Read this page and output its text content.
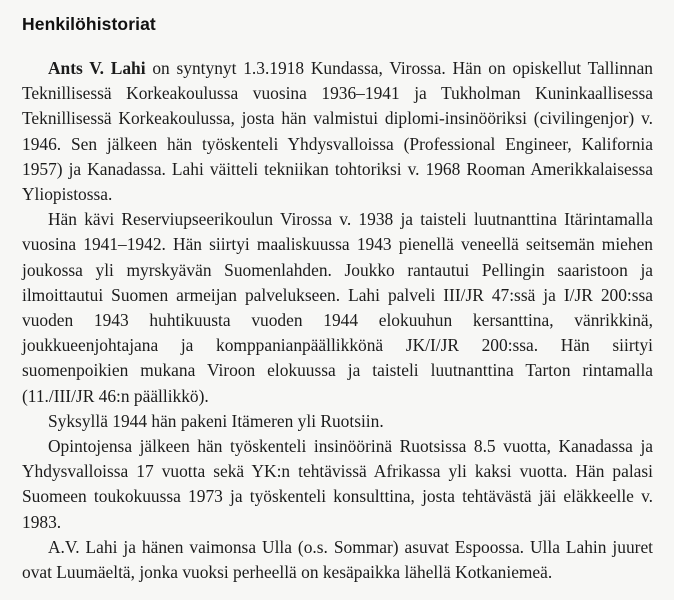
Henkilöhistoriat

Ants V. Lahi on syntynyt 1.3.1918 Kundassa, Virossa. Hän on opiskellut Tallinnan Teknillisessä Korkeakoulussa vuosina 1936–1941 ja Tukholman Kuninkaallisessa Teknillisessä Korkeakoulussa, josta hän valmistui diplomi-insinööriksi (civilingenjor) v. 1946. Sen jälkeen hän työskenteli Yhdysvalloissa (Professional Engineer, Kalifornia 1957) ja Kanadassa. Lahi väitteli tekniikan tohtoriksi v. 1968 Rooman Amerikkalaisessa Yliopistossa.

Hän kävi Reserviupseerikoulun Virossa v. 1938 ja taisteli luutnanttina Itärintamalla vuosina 1941–1942. Hän siirtyi maaliskuussa 1943 pienellä veneellä seitsemän miehen joukossa yli myrskyävän Suomenlahden. Joukko rantautui Pellingin saaristoon ja ilmoittautui Suomen armeijan palvelukseen. Lahi palveli III/JR 47:ssä ja I/JR 200:ssa vuoden 1943 huhtikuusta vuoden 1944 elokuuhun kersanttina, vänrikkinä, joukkueenjohtajana ja komppanianpäällikkönä JK/I/JR 200:ssa. Hän siirtyi suomenpoikien mukana Viroon elokuussa ja taisteli luutnanttina Tarton rintamalla (11./III/JR 46:n päällikkö).

Syksyllä 1944 hän pakeni Itämeren yli Ruotsiin.

Opintojensa jälkeen hän työskenteli insinöörinä Ruotsissa 8.5 vuotta, Kanadassa ja Yhdysvalloissa 17 vuotta sekä YK:n tehtävissä Afrikassa yli kaksi vuotta. Hän palasi Suomeen toukokuussa 1973 ja työskenteli konsulttina, josta tehtävästä jäi eläkkeelle v. 1983.

A.V. Lahi ja hänen vaimonsa Ulla (o.s. Sommar) asuvat Espoossa. Ulla Lahin juuret ovat Luumäeltä, jonka vuoksi perheellä on kesäpaikka lähellä Kotkaniemeä.
